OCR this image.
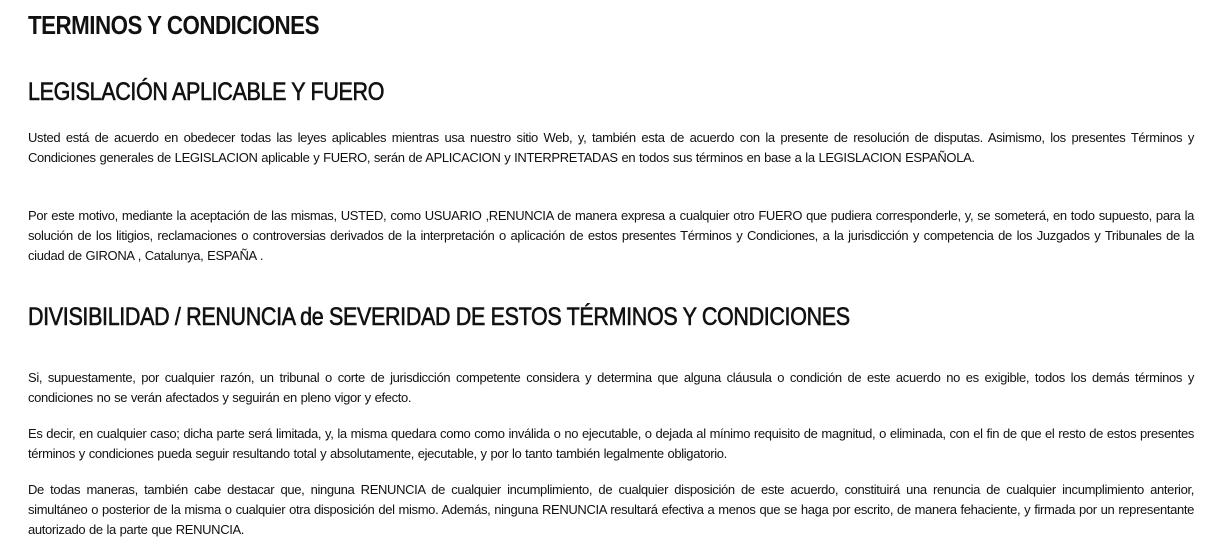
TERMINOS Y CONDICIONES
LEGISLACIÓN APLICABLE Y FUERO

Usted está de acuerdo en obedecer todas las leyes aplicables mientras usa nuestro sitio Web, y, también esta de acuerdo con la presente de resolución de disputas. Asimismo, los presentes Términos y Condiciones generales de LEGISLACION aplicable y FUERO, serán de APLICACION y INTERPRETADAS en todos sus términos en base a la LEGISLACION ESPAÑOLA.

Por este motivo, mediante la aceptación de las mismas, USTED, como USUARIO ,RENUNCIA de manera expresa a cualquier otro FUERO que pudiera corresponderle, y, se someterá, en todo supuesto, para la solución de los litigios, reclamaciones o controversias derivados de la interpretación o aplicación de estos presentes Términos y Condiciones, a la jurisdicción y competencia de los Juzgados y Tribunales de la ciudad de GIRONA , Catalunya, ESPAÑA .

DIVISIBILIDAD / RENUNCIA de SEVERIDAD DE ESTOS TÉRMINOS Y CONDICIONES

Si, supuestamente, por cualquier razón, un tribunal o corte de jurisdicción competente considera y determina que alguna cláusula o condición de este acuerdo no es exigible, todos los demás términos y condiciones no se verán afectados y seguirán en pleno vigor y efecto.

Es decir, en cualquier caso; dicha parte será limitada, y, la misma quedara como como inválida o no ejecutable, o dejada al mínimo requisito de magnitud, o eliminada, con el fin de que el resto de estos presentes términos y condiciones pueda seguir resultando total y absolutamente, ejecutable, y por lo tanto también legalmente obligatorio.

De todas maneras, también cabe destacar que, ninguna RENUNCIA de cualquier incumplimiento, de cualquier disposición de este acuerdo, constituirá una renuncia de cualquier incumplimiento anterior, simultáneo o posterior de la misma o cualquier otra disposición del mismo. Además, ninguna RENUNCIA resultará efectiva a menos que se haga por escrito, de manera fehaciente, y firmada por un representante autorizado de la parte que RENUNCIA.
